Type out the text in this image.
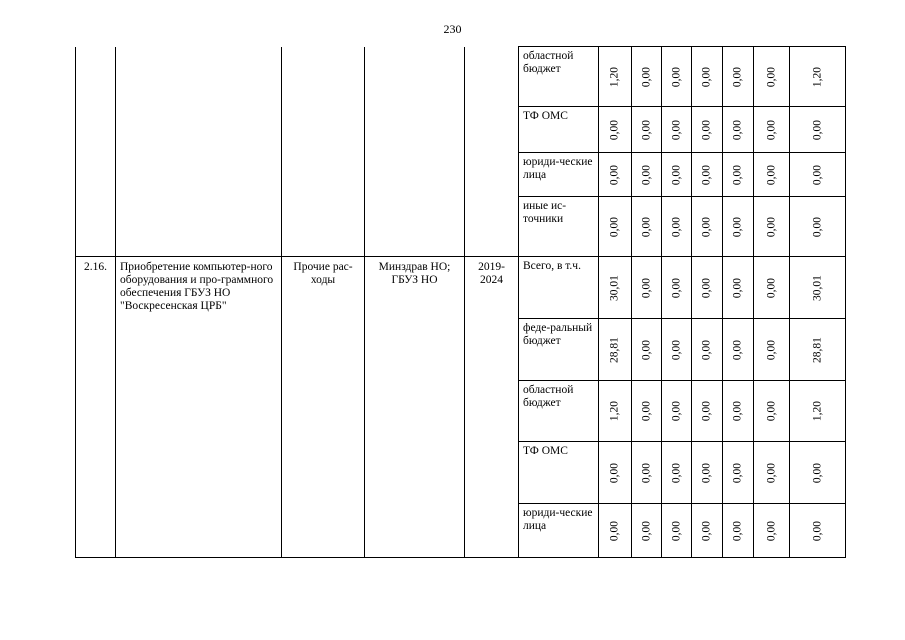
230
					областной бюджет	1,20	0,00	0,00	0,00	0,00	0,00	1,20

					ТФ ОМС	0,00	0,00	0,00	0,00	0,00	0,00	0,00

					юриди-ческие лица	0,00	0,00	0,00	0,00	0,00	0,00	0,00

					иные ис-точники	0,00	0,00	0,00	0,00	0,00	0,00	0,00

2.16.	Приобретение компьютер-ного оборудования и про-граммного обеспечения ГБУЗ НО "Воскресенская ЦРБ"	Прочие рас-ходы	Минздрав НО; ГБУЗ НО	2019-2024	Всего, в т.ч.	30,01	0,00	0,00	0,00	0,00	0,00	30,01

					феде-ральный бюджет	28,81	0,00	0,00	0,00	0,00	0,00	28,81

					областной бюджет	1,20	0,00	0,00	0,00	0,00	0,00	1,20

					ТФ ОМС	0,00	0,00	0,00	0,00	0,00	0,00	0,00

					юриди-ческие лица	0,00	0,00	0,00	0,00	0,00	0,00	0,00
